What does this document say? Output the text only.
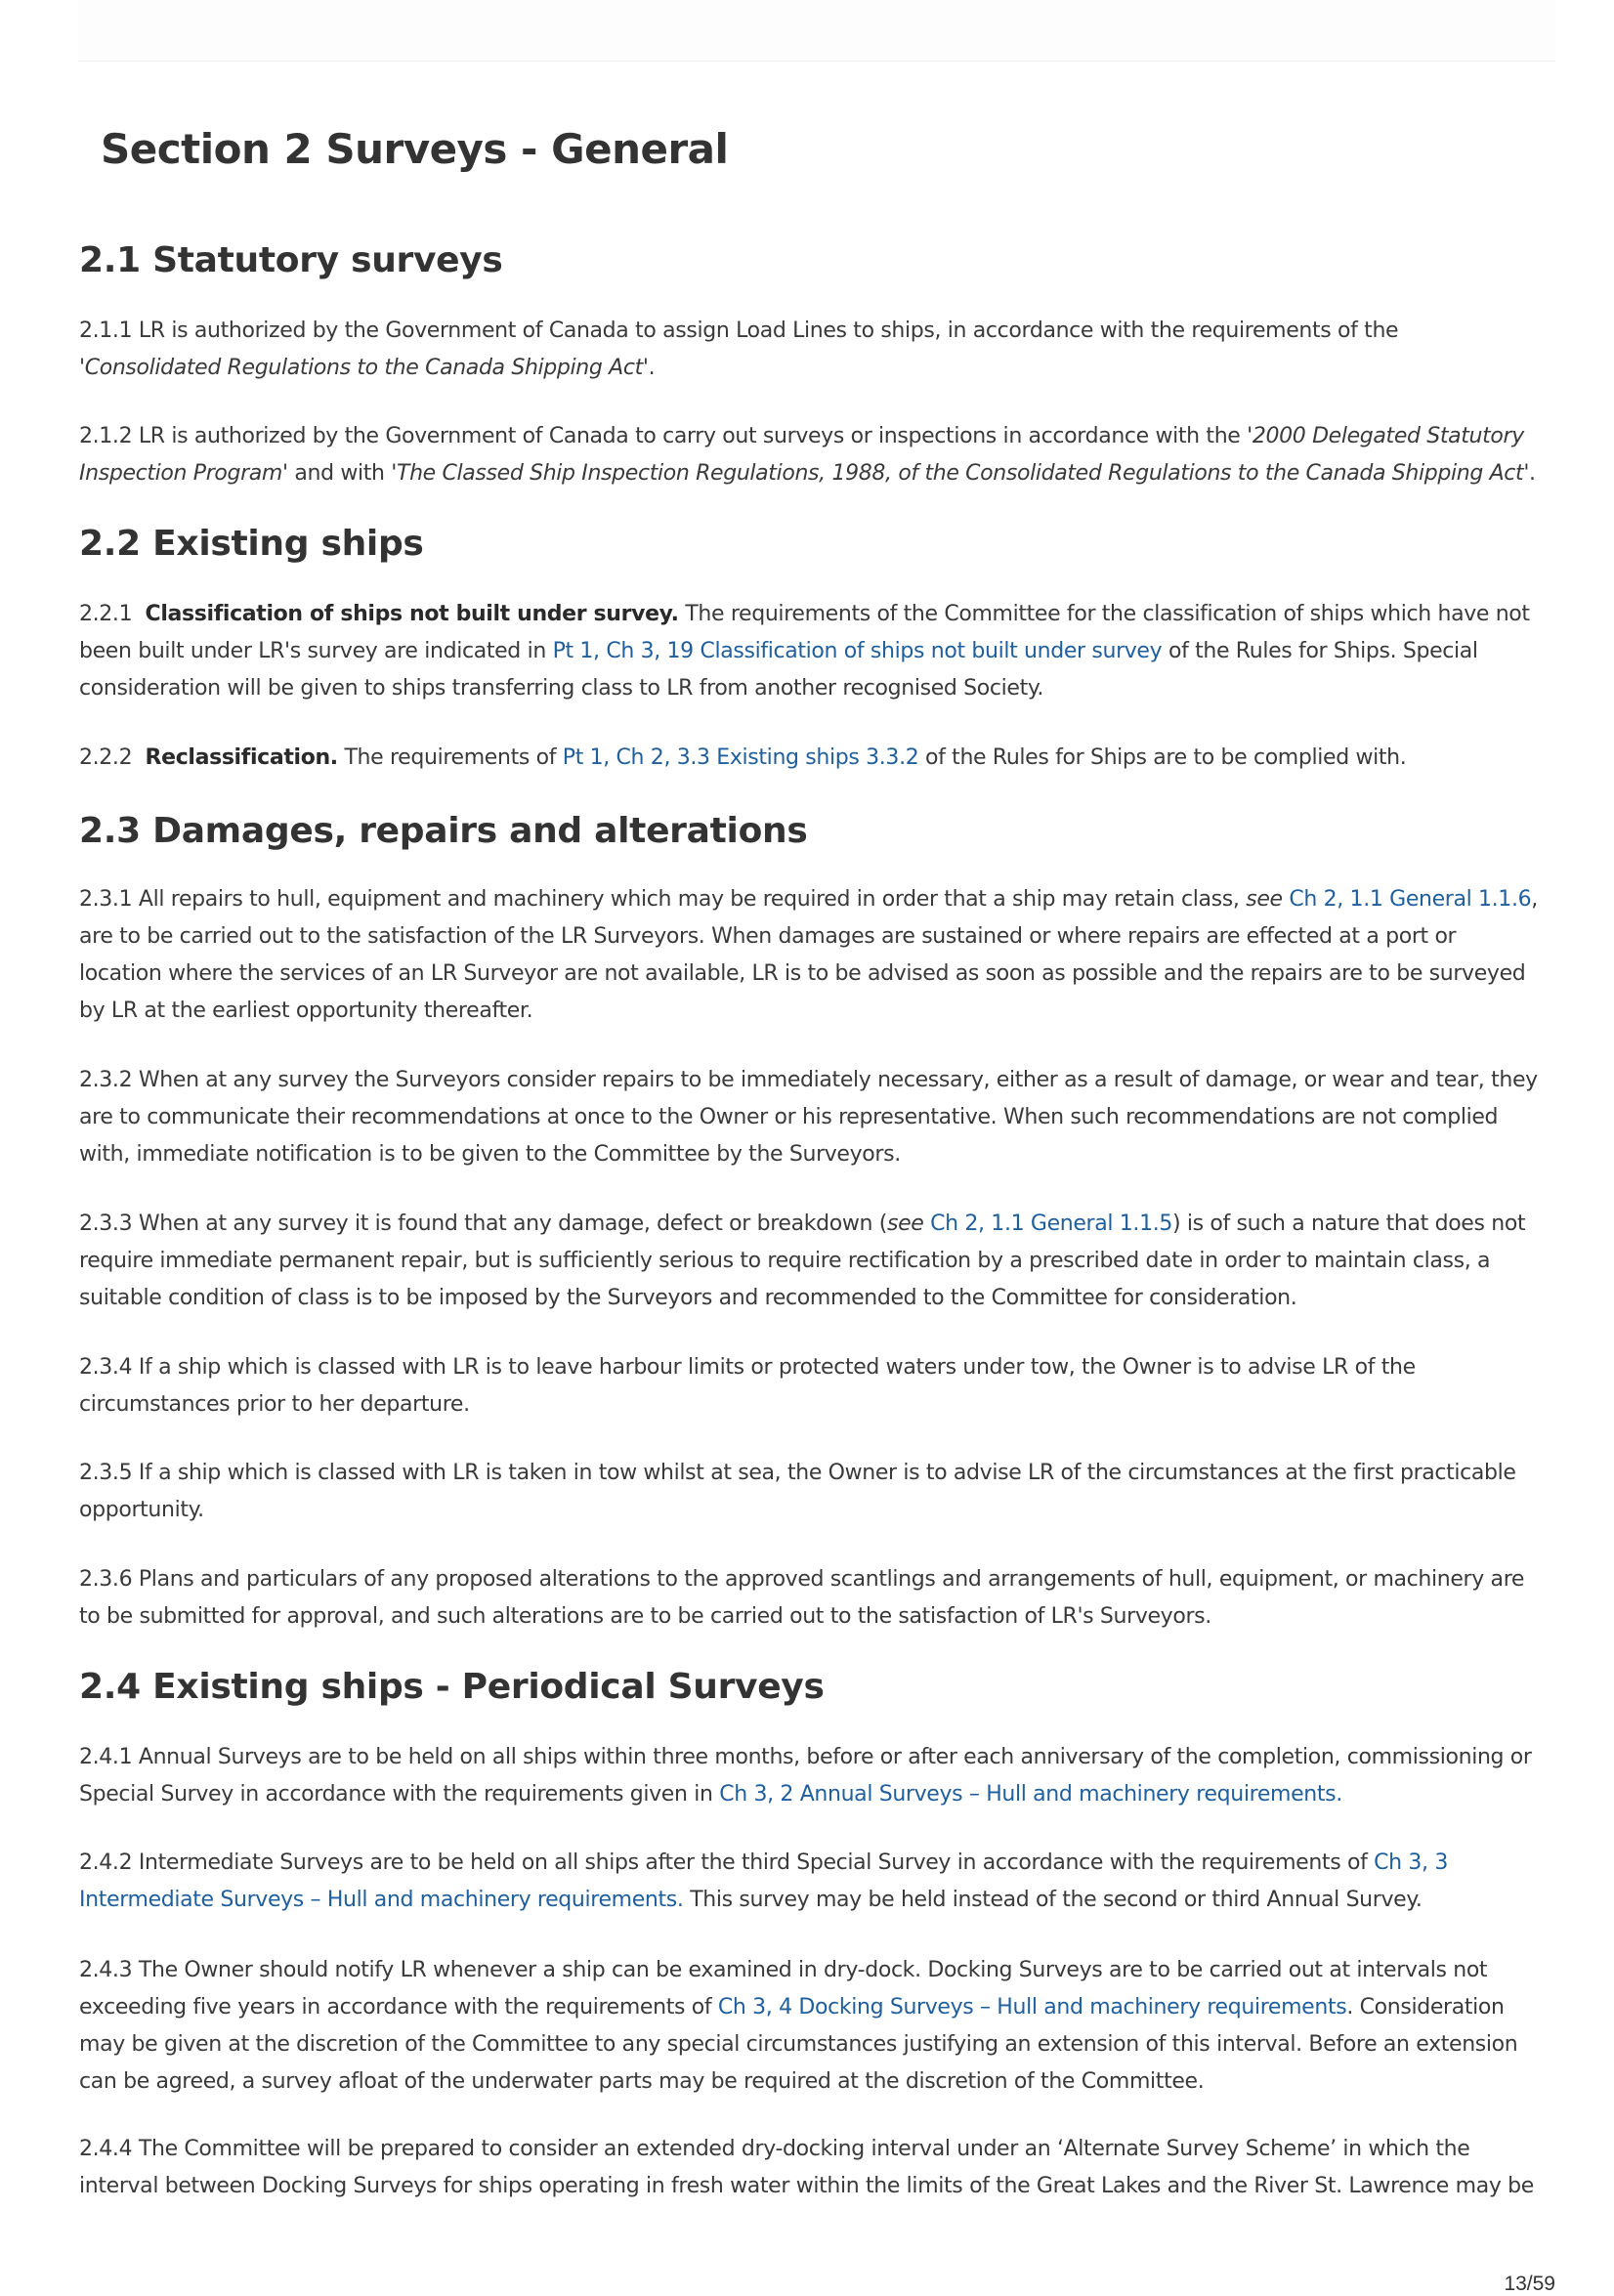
Section 2 Surveys - General
2.1 Statutory surveys

2.1.1 LR is authorized by the Government of Canada to assign Load Lines to ships, in accordance with the requirements of the 'Consolidated Regulations to the Canada Shipping Act'.

2.1.2 LR is authorized by the Government of Canada to carry out surveys or inspections in accordance with the '2000 Delegated Statutory Inspection Program' and with 'The Classed Ship Inspection Regulations, 1988, of the Consolidated Regulations to the Canada Shipping Act'.

2.2 Existing ships

2.2.1 Classification of ships not built under survey. The requirements of the Committee for the classification of ships which have not been built under LR's survey are indicated in Pt 1, Ch 3, 19 Classification of ships not built under survey of the Rules for Ships. Special consideration will be given to ships transferring class to LR from another recognised Society.

2.2.2 Reclassification. The requirements of Pt 1, Ch 2, 3.3 Existing ships 3.3.2 of the Rules for Ships are to be complied with.

2.3 Damages, repairs and alterations

2.3.1 All repairs to hull, equipment and machinery which may be required in order that a ship may retain class, see Ch 2, 1.1 General 1.1.6, are to be carried out to the satisfaction of the LR Surveyors. When damages are sustained or where repairs are effected at a port or location where the services of an LR Surveyor are not available, LR is to be advised as soon as possible and the repairs are to be surveyed by LR at the earliest opportunity thereafter.

2.3.2 When at any survey the Surveyors consider repairs to be immediately necessary, either as a result of damage, or wear and tear, they are to communicate their recommendations at once to the Owner or his representative. When such recommendations are not complied with, immediate notification is to be given to the Committee by the Surveyors.

2.3.3 When at any survey it is found that any damage, defect or breakdown (see Ch 2, 1.1 General 1.1.5) is of such a nature that does not require immediate permanent repair, but is sufficiently serious to require rectification by a prescribed date in order to maintain class, a suitable condition of class is to be imposed by the Surveyors and recommended to the Committee for consideration.

2.3.4 If a ship which is classed with LR is to leave harbour limits or protected waters under tow, the Owner is to advise LR of the circumstances prior to her departure.

2.3.5 If a ship which is classed with LR is taken in tow whilst at sea, the Owner is to advise LR of the circumstances at the first practicable opportunity.

2.3.6 Plans and particulars of any proposed alterations to the approved scantlings and arrangements of hull, equipment, or machinery are to be submitted for approval, and such alterations are to be carried out to the satisfaction of LR's Surveyors.

2.4 Existing ships - Periodical Surveys

2.4.1 Annual Surveys are to be held on all ships within three months, before or after each anniversary of the completion, commissioning or Special Survey in accordance with the requirements given in Ch 3, 2 Annual Surveys – Hull and machinery requirements.

2.4.2 Intermediate Surveys are to be held on all ships after the third Special Survey in accordance with the requirements of Ch 3, 3 Intermediate Surveys – Hull and machinery requirements. This survey may be held instead of the second or third Annual Survey.

2.4.3 The Owner should notify LR whenever a ship can be examined in dry-dock. Docking Surveys are to be carried out at intervals not exceeding five years in accordance with the requirements of Ch 3, 4 Docking Surveys – Hull and machinery requirements. Consideration may be given at the discretion of the Committee to any special circumstances justifying an extension of this interval. Before an extension can be agreed, a survey afloat of the underwater parts may be required at the discretion of the Committee.

2.4.4 The Committee will be prepared to consider an extended dry-docking interval under an ‘Alternate Survey Scheme’ in which the interval between Docking Surveys for ships operating in fresh water within the limits of the Great Lakes and the River St. Lawrence may be

13/59
